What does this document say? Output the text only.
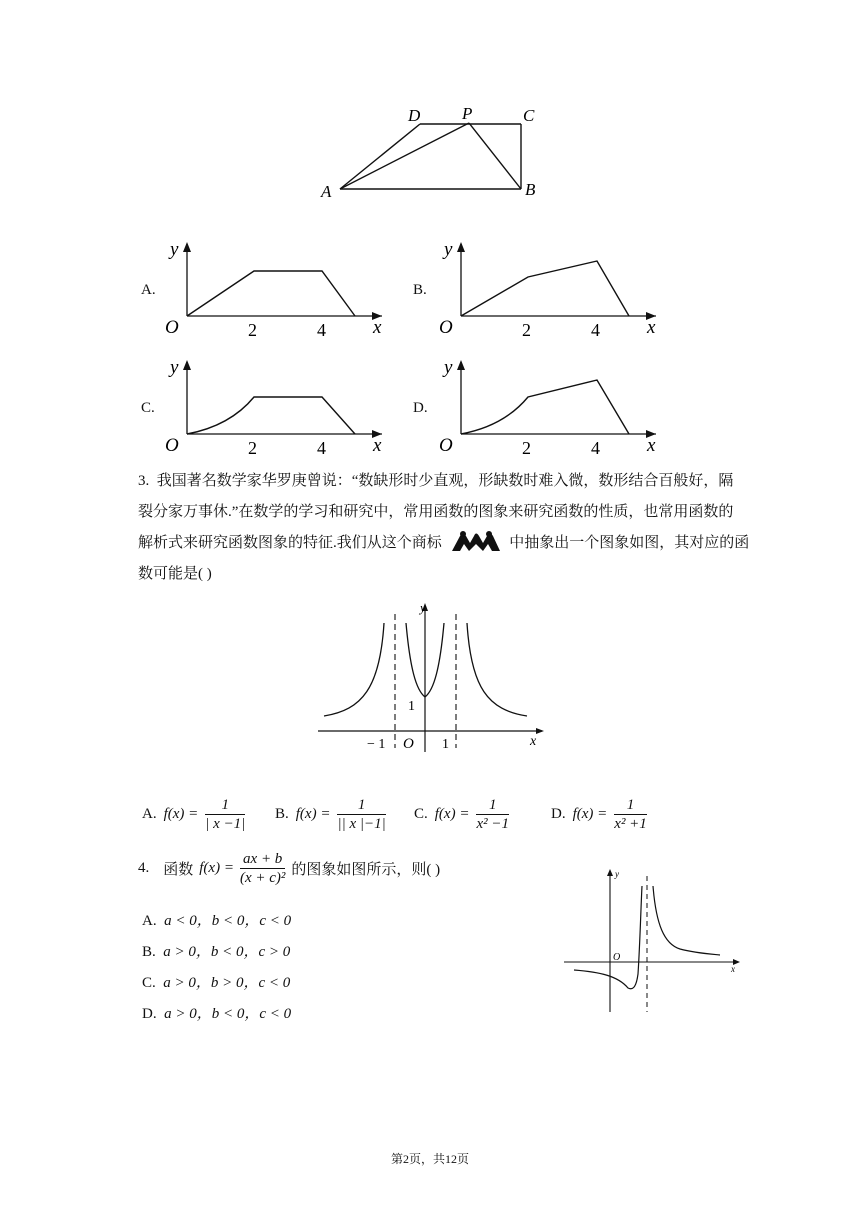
D P	C
A	B
A.
y
O	2	4 x
B.
y
O	2	4 x
C.
y
O	2	4 x
D.
y
O	2	4 x
3. 我国著名数学家华罗庚曾说：“数缺形时少直观，形缺数时难入微，数形结合百般好，隔
裂分家万事休.”在数学的学习和研究中，常用函数的图象来研究函数的性质，也常用函数的
解析式来研究函数图象的特征.我们从这个商标	中抽象出一个图象如图，其对应的函
数可能是( )
y
x
1
− 1 O 1
A. $f(x) = \frac{1}{| x -1|} B$. $f(x) = \frac{1}{|| x |-1|} C$. $f(x) = \frac{1}{\text{x² −1}}$	D. $f(x) = \frac{1}{\text{x² +1}}$
4. 函数 $f(x) = \frac{ax + b}{\text{(x + c)²}}$ 的图象如图所示，则( )
A. a < 0，b < 0，c < 0
B. a > 0，b < 0，c > 0
C. a > 0，b > 0，c < 0
D. a > 0，b < 0，c < 0
y
x
O
第2页，共12页
